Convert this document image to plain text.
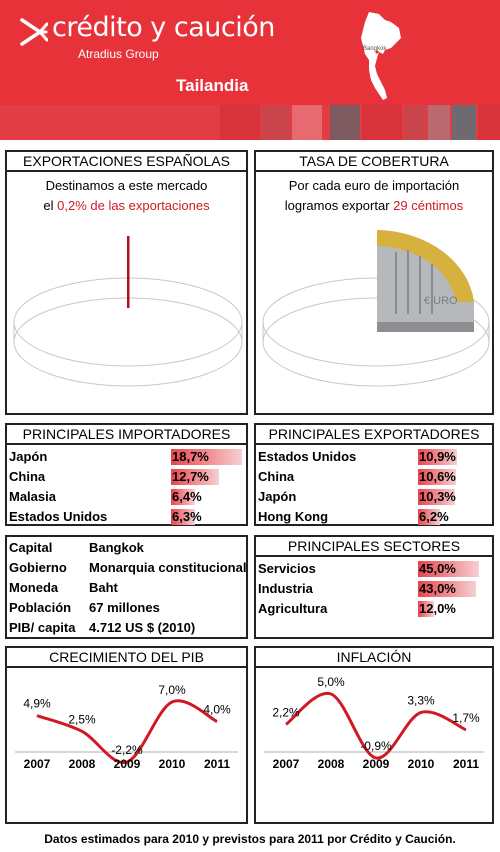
crédito y caución
Atradius Group
Tailandia
Bangkok
EXPORTACIONES ESPAÑOLAS
Destinamos a este mercado
el 0,2% de las exportaciones
TASA DE COBERTURA
Por cada euro de importación
logramos exportar 29 céntimos
€ URO
PRINCIPALES IMPORTADORES
Japón	18,7%
China	12,7%
Malasia	6,4%
Estados Unidos	6,3%
PRINCIPALES EXPORTADORES
Estados Unidos	10,9%
China	10,6%
Japón	10,3%
Hong Kong	6,2%
Capital	Bangkok
Gobierno Monarquia constitucional
Moneda Baht
Población 67 millones
PIB/ capita 4.712 US $ (2010)
PRINCIPALES SECTORES
Servicios	45,0%
Industria	43,0%
Agricultura	12,0%
CRECIMIENTO DEL PIB
4,9%
2007
2,5%
2008
-2,2%
2009
7,0%
2010
4,0%
2011
INFLACIÓN
2,2%
2007
5,0%
2008
-0,9%
2009
3,3%
2010
1,7%
2011
Datos estimados para 2010 y previstos para 2011 por Crédito y Caución.
